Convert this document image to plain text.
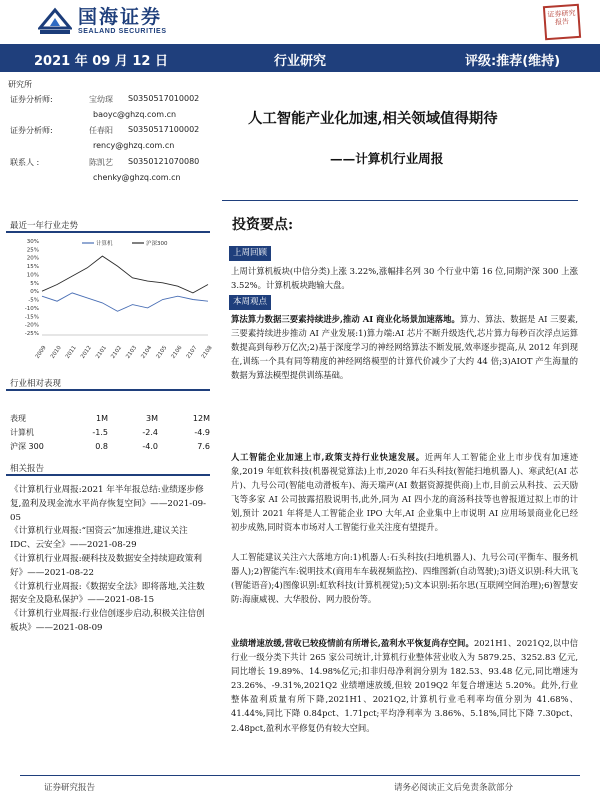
国海证券
SEALAND SECURITIES
证券研究报告
2021 年 09 月 12 日	行业研究	评级:推荐(维持)
研究所
证券分析师:	宝幼琛 S0350517010002
baoyc@ghzq.com.cn
证券分析师:	任春阳 S0350517100002
rency@ghzq.com.cn
联系人 :	陈凯艺 S0350121070080
chenky@ghzq.com.cn
最近一年行业走势
30%
25%
20%
15%
10%
5%
0%
-5%
-10%
-15%
-20%
-25%
2009 2010 2011 2012 2101 2102 2103 2104 2105 2106 2107 2108
计算机	沪深300
行业相对表现
表现	1M	3M	12M
计算机	-1.5	-2.4	-4.9
沪深 300	0.8	-4.0	7.6
相关报告

《计算机行业周报:2021 年半年报总结:业绩逐步修复,盈利及现金流水平尚存恢复空间》——2021-09-05

《计算机行业周报:“国资云”加速推进,建议关注 IDC、云安全》——2021-08-29

《计算机行业周报:硬科技及数据安全持续迎政策利好》——2021-08-22

《计算机行业周报:《数据安全法》即将落地,关注数据安全及隐私保护》——2021-08-15

《计算机行业周报:行业信创逐步启动,积极关注信创板块》——2021-08-09

人工智能产业化加速,相关领域值得期待
——计算机行业周报
投资要点:
上周回顾

上周计算机板块(中信分类)上涨 3.22%,涨幅排名列 30 个行业中第 16 位,同期沪深 300 上涨 3.52%。计算机板块跑输大盘。

本周观点

算法算力数据三要素持续进步,推动 AI 商业化场景加速落地。算力、算法、数据是 AI 三要素,三要素持续进步推动 AI 产业发展:1)算力端:AI 芯片不断升级迭代,芯片算力每秒百次浮点运算数提高到每秒万亿次;2)基于深度学习的神经网络算法不断发展,效率逐步提高,从 2012 年到现在,训练一个具有同等精度的神经网络模型的计算代价减少了大约 44 倍;3)AIOT 产生海量的数据为算法模型提供训练基础。

人工智能企业加速上市,政策支持行业快速发展。近两年人工智能企业上市步伐有加速迹象,2019 年虹软科技(机器视觉算法)上市,2020 年石头科技(智能扫地机器人)、寒武纪(AI 芯片)、九号公司(智能电动滑板车)、海天瑞声(AI 数据资源提供商)上市,目前云从科技、云天励飞等多家 AI 公司披露招股说明书,此外,同为 AI 四小龙的商汤科技等也曾报道过拟上市的计划,预计 2021 年将是人工智能企业 IPO 大年,AI 企业集中上市说明 AI 应用场景商业化已经初步成熟,同时资本市场对人工智能行业关注度有望提升。

人工智能建议关注六大落地方向:1)机器人:石头科技(扫地机器人)、九号公司(平衡车、服务机器人);2)智能汽车:锐明技术(商用车车载视频监控)、四维图新(自动驾驶);3)语义识别:科大讯飞(智能语音);4)图像识别:虹软科技(计算机视觉);5)文本识别:拓尔思(互联网空间治理);6)智慧安防:海康威视、大华股份、网力股份等。

业绩增速放缓,营收已较疫情前有所增长,盈利水平恢复尚存空间。2021H1、2021Q2,以中信行业一级分类下共计 265 家公司统计,计算机行业整体营业收入为 5879.25、3252.83 亿元,同比增长 19.89%、14.98%亿元;扣非归母净利润分别为 182.53、93.48 亿元,同比增速为 23.26%、-9.31%,2021Q2 业绩增速放缓,但较 2019Q2 年复合增速达 5.20%。此外,行业整体盈利质量有所下降,2021H1、2021Q2,计算机行业毛利率均值分别为 41.68%、41.44%,同比下降 0.84pct、1.71pct;平均净利率为 3.86%、5.18%,同比下降 7.30pct、2.48pct,盈利水平修复仍有较大空间。

证券研究报告	请务必阅读正文后免责条款部分
